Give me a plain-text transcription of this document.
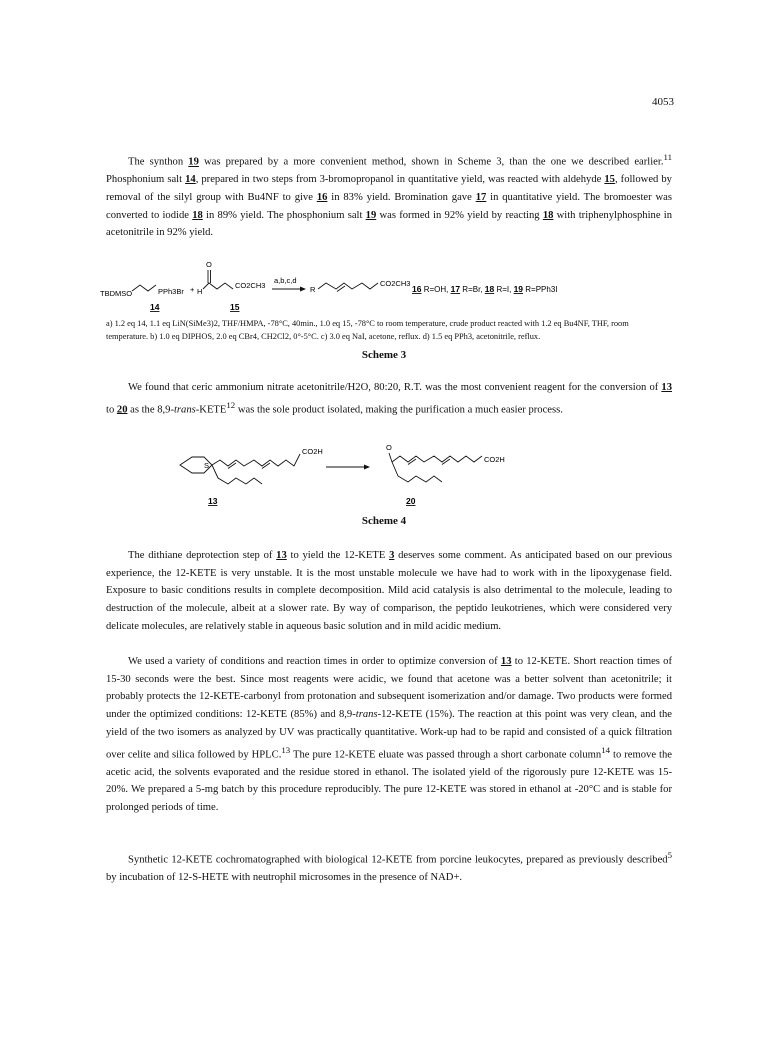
4053

The synthon 19 was prepared by a more convenient method, shown in Scheme 3, than the one we described earlier.$^{11}$ Phosphonium salt 14, prepared in two steps from 3-bromopropanol in quantitative yield, was reacted with aldehyde 15, followed by removal of the silyl group with Bu4NF to give 16 in 83% yield. Bromination gave 17 in quantitative yield. The bromoester was converted to iodide 18 in 89% yield. The phosphonium salt 19 was formed in 92% yield by reacting 18 with triphenylphosphine in acetonitrile in 92% yield.

TBDMSO	PPh3Br + H
O
CO2CH3
14	15
a,b,c,d
R
CO2CH3
16 R=OH, 17 R=Br, 18 R=I, 19 R=PPh3I

a) 1.2 eq 14, 1.1 eq LiN(SiMe3)2, THF/HMPA, -78°C, 40min., 1.0 eq 15, -78°C to room temperature, crude product reacted with 1.2 eq Bu4NF, THF, room temperature. b) 1.0 eq DIPHOS, 2.0 eq CBr4, CH2Cl2, 0°-5°C. c) 3.0 eq NaI, acetone, reflux. d) 1.5 eq PPh3, acetonitrile, reflux.

Scheme 3

We found that ceric ammonium nitrate acetonitrile/H2O, 80:20, R.T. was the most convenient reagent for the conversion of 13 to 20 as the 8,9-trans-KETE$^{12}$ was the sole product isolated, making the purification a much easier process.

S
CO2H
13
O
CO2H
20
Scheme 4

The dithiane deprotection step of 13 to yield the 12-KETE 3 deserves some comment. As anticipated based on our previous experience, the 12-KETE is very unstable. It is the most unstable molecule we have had to work with in the lipoxygenase field. Exposure to basic conditions results in complete decomposition. Mild acid catalysis is also detrimental to the molecule, leading to destruction of the molecule, albeit at a slower rate. By way of comparison, the peptido leukotrienes, which were considered very delicate molecules, are relatively stable in aqueous basic solution and in mild acidic medium.

We used a variety of conditions and reaction times in order to optimize conversion of 13 to 12-KETE. Short reaction times of 15-30 seconds were the best. Since most reagents were acidic, we found that acetone was a better solvent than acetonitrile; it probably protects the 12-KETE-carbonyl from protonation and subsequent isomerization and/or damage. Two products were formed under the optimized conditions: 12-KETE (85%) and 8,9-trans-12-KETE (15%). The reaction at this point was very clean, and the yield of the two isomers as analyzed by UV was practically quantitative. Work-up had to be rapid and consisted of a quick filtration over celite and silica followed by HPLC.$^{13}$ The pure 12-KETE eluate was passed through a short carbonate column$^{14}$ to remove the acetic acid, the solvents evaporated and the residue stored in ethanol. The isolated yield of the rigorously pure 12-KETE was 15-20%. We prepared a 5-mg batch by this procedure reproducibly. The pure 12-KETE was stored in ethanol at -20°C and is stable for prolonged periods of time.

Synthetic 12-KETE cochromatographed with biological 12-KETE from porcine leukocytes, prepared as previously described$^5$ by incubation of 12-S-HETE with neutrophil microsomes in the presence of NAD+.
